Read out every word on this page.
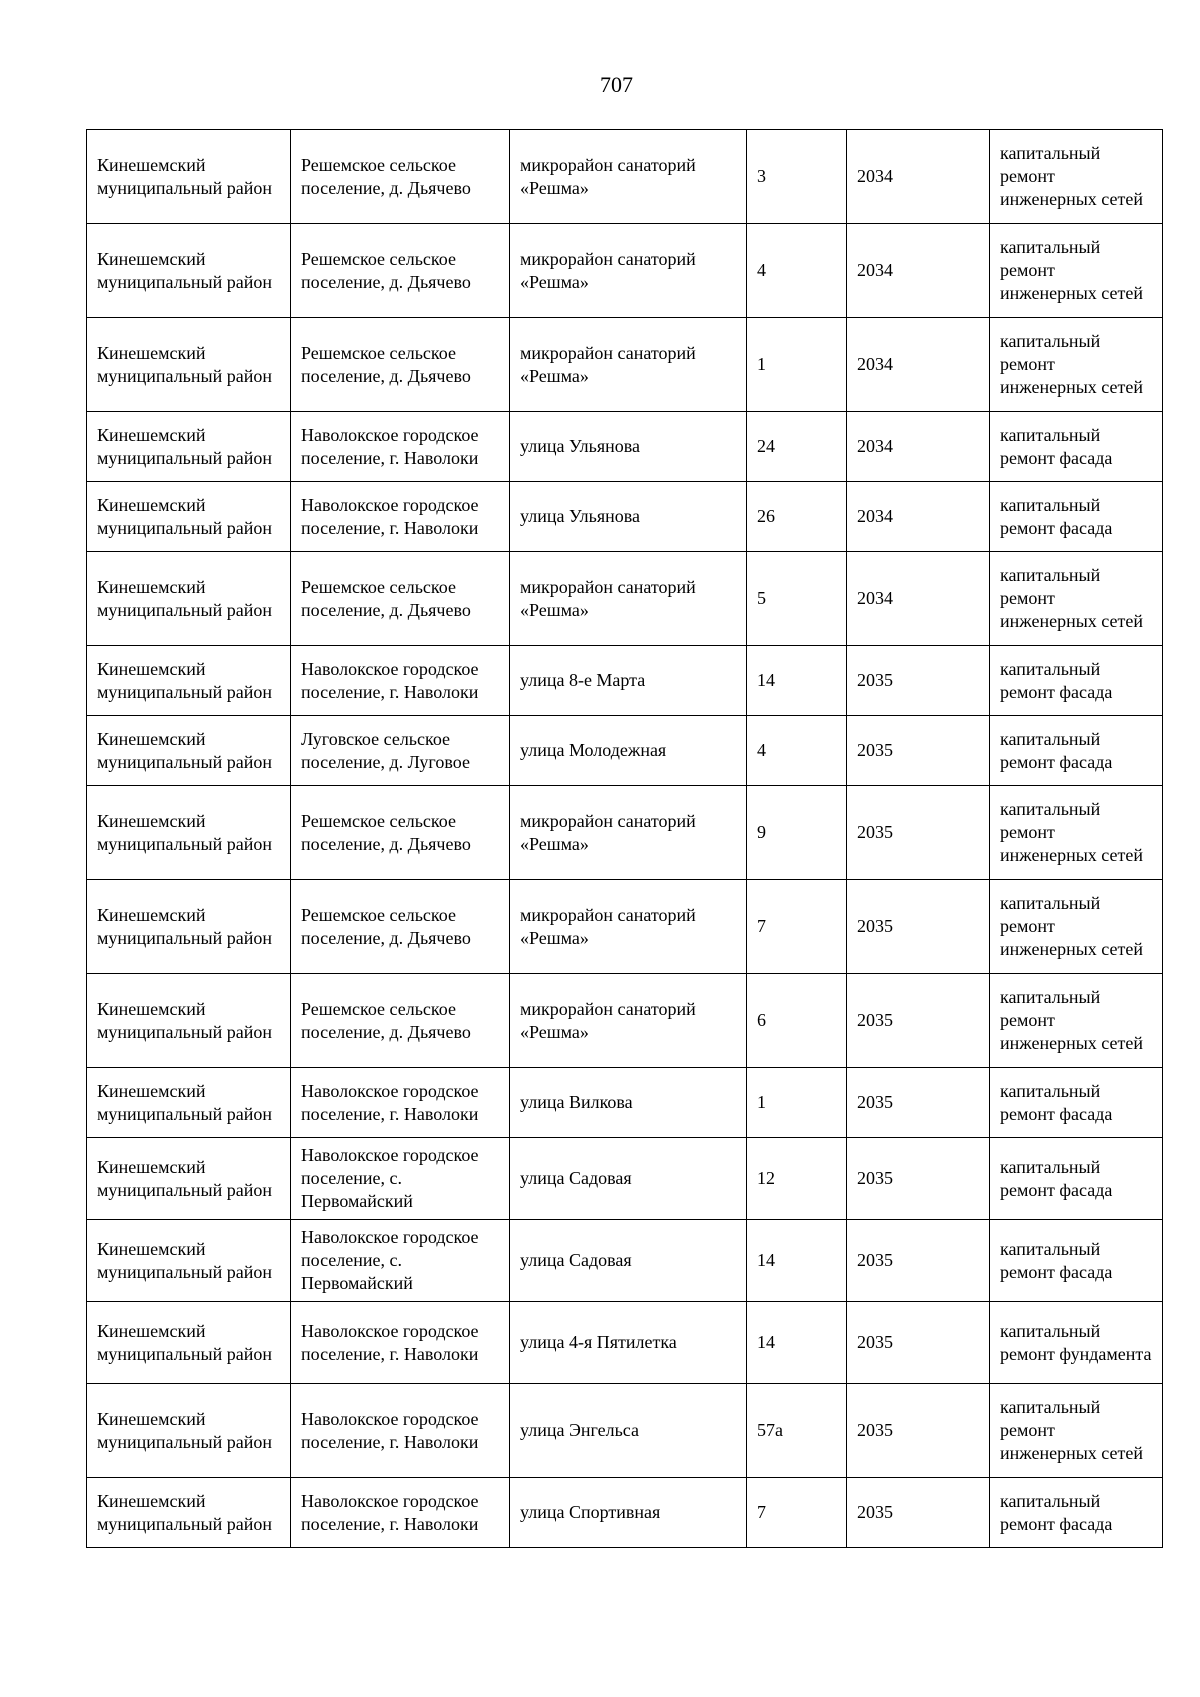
707
Кинешемский муниципальный район	Решемское сельское поселение, д. Дьячево	микрорайон санаторий «Решма»	3	2034	капитальный ремонт инженерных сетей
Кинешемский муниципальный район	Решемское сельское поселение, д. Дьячево	микрорайон санаторий «Решма»	4	2034	капитальный ремонт инженерных сетей
Кинешемский муниципальный район	Решемское сельское поселение, д. Дьячево	микрорайон санаторий «Решма»	1	2034	капитальный ремонт инженерных сетей
Кинешемский муниципальный район	Наволокское городское поселение, г. Наволоки	улица Ульянова	24	2034	капитальный ремонт фасада
Кинешемский муниципальный район	Наволокское городское поселение, г. Наволоки	улица Ульянова	26	2034	капитальный ремонт фасада
Кинешемский муниципальный район	Решемское сельское поселение, д. Дьячево	микрорайон санаторий «Решма»	5	2034	капитальный ремонт инженерных сетей
Кинешемский муниципальный район	Наволокское городское поселение, г. Наволоки	улица 8-е Марта	14	2035	капитальный ремонт фасада
Кинешемский муниципальный район	Луговское сельское поселение, д. Луговое	улица Молодежная	4	2035	капитальный ремонт фасада
Кинешемский муниципальный район	Решемское сельское поселение, д. Дьячево	микрорайон санаторий «Решма»	9	2035	капитальный ремонт инженерных сетей
Кинешемский муниципальный район	Решемское сельское поселение, д. Дьячево	микрорайон санаторий «Решма»	7	2035	капитальный ремонт инженерных сетей
Кинешемский муниципальный район	Решемское сельское поселение, д. Дьячево	микрорайон санаторий «Решма»	6	2035	капитальный ремонт инженерных сетей
Кинешемский муниципальный район	Наволокское городское поселение, г. Наволоки	улица Вилкова	1	2035	капитальный ремонт фасада
Кинешемский муниципальный район	Наволокское городское поселение, с. Первомайский	улица Садовая	12	2035	капитальный ремонт фасада
Кинешемский муниципальный район	Наволокское городское поселение, с. Первомайский	улица Садовая	14	2035	капитальный ремонт фасада
Кинешемский муниципальный район	Наволокское городское поселение, г. Наволоки	улица 4-я Пятилетка	14	2035	капитальный ремонт фундамента
Кинешемский муниципальный район	Наволокское городское поселение, г. Наволоки	улица Энгельса	57а	2035	капитальный ремонт инженерных сетей
Кинешемский муниципальный район	Наволокское городское поселение, г. Наволоки	улица Спортивная	7	2035	капитальный ремонт фасада
